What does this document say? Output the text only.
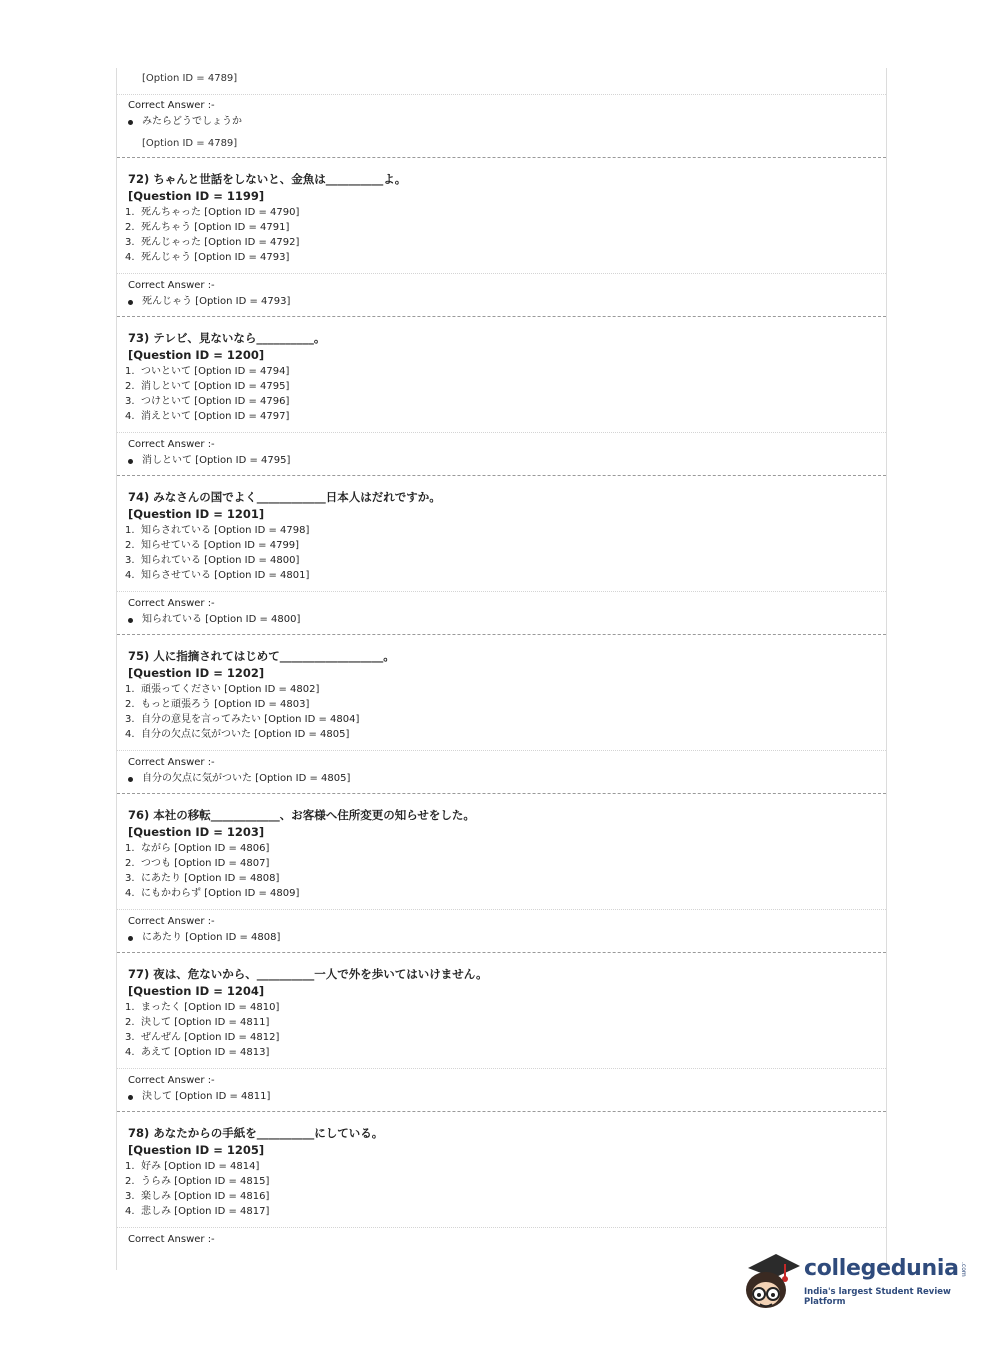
[Option ID = 4789]
Correct Answer :-
みたらどうでしょうか
[Option ID = 4789]
72) ちゃんと世話をしないと、金魚は__________よ。
[Question ID = 1199]
1. 死んちゃった [Option ID = 4790]
2. 死んちゃう [Option ID = 4791]
3. 死んじゃった [Option ID = 4792]
4. 死んじゃう [Option ID = 4793]
Correct Answer :-
死んじゃう [Option ID = 4793]
73) テレビ、見ないなら__________。
[Question ID = 1200]
1. ついといて [Option ID = 4794]
2. 消しといて [Option ID = 4795]
3. つけといて [Option ID = 4796]
4. 消えといて [Option ID = 4797]
Correct Answer :-
消しといて [Option ID = 4795]
74) みなさんの国でよく____________日本人はだれですか。
[Question ID = 1201]
1. 知らされている [Option ID = 4798]
2. 知らせている [Option ID = 4799]
3. 知られている [Option ID = 4800]
4. 知らさせている [Option ID = 4801]
Correct Answer :-
知られている [Option ID = 4800]
75) 人に指摘されてはじめて__________________。
[Question ID = 1202]
1. 頑張ってください [Option ID = 4802]
2. もっと頑張ろう [Option ID = 4803]
3. 自分の意見を言ってみたい [Option ID = 4804]
4. 自分の欠点に気がついた [Option ID = 4805]
Correct Answer :-
自分の欠点に気がついた [Option ID = 4805]
76) 本社の移転____________、お客様へ住所変更の知らせをした。
[Question ID = 1203]
1. ながら [Option ID = 4806]
2. つつも [Option ID = 4807]
3. にあたり [Option ID = 4808]
4. にもかわらず [Option ID = 4809]
Correct Answer :-
にあたり [Option ID = 4808]
77) 夜は、危ないから、__________一人で外を歩いてはいけません。
[Question ID = 1204]
1. まったく [Option ID = 4810]
2. 決して [Option ID = 4811]
3. ぜんぜん [Option ID = 4812]
4. あえて [Option ID = 4813]
Correct Answer :-
決して [Option ID = 4811]
78) あなたからの手紙を__________にしている。
[Question ID = 1205]
1. 好み [Option ID = 4814]
2. うらみ [Option ID = 4815]
3. 楽しみ [Option ID = 4816]
4. 悲しみ [Option ID = 4817]
Correct Answer :-
collegedunia .com
India's largest Student Review Platform
